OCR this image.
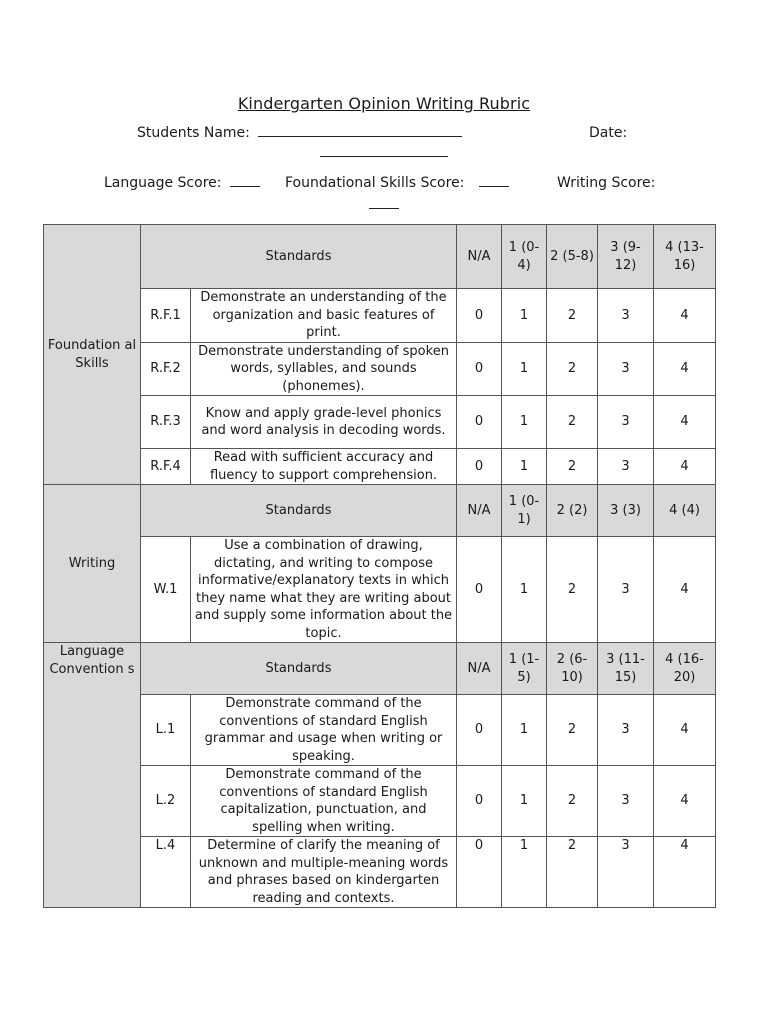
Kindergarten Opinion Writing Rubric
Students Name:	Date:
Language Score:	Foundational Skills Score:	Writing Score:
Foundation al Skills	Standards		N/A	1 (0-4)	2 (5-8)	3 (9-12)	4 (13-16)
	R.F.1	Demonstrate an understanding of the organization and basic features of print.	0	1	2	3	4
	R.F.2	Demonstrate understanding of spoken words, syllables, and sounds (phonemes).	0	1	2	3	4
	R.F.3	Know and apply grade-level phonics and word analysis in decoding words.	0	1	2	3	4
	R.F.4	Read with sufficient accuracy and fluency to support comprehension.	0	1	2	3	4
Writing	Standards		N/A	1 (0-1)	2 (2)	3 (3)	4 (4)
	W.1	Use a combination of drawing, dictating, and writing to compose informative/explanatory texts in which they name what they are writing about and supply some information about the topic.	0	1	2	3	4
Language Convention s	Standards		N/A	1 (1-5)	2 (6-10)	3 (11-15)	4 (16-20)
	L.1	Demonstrate command of the conventions of standard English grammar and usage when writing or speaking.	0	1	2	3	4
	L.2	Demonstrate command of the conventions of standard English capitalization, punctuation, and spelling when writing.	0	1	2	3	4
	L.4	Determine of clarify the meaning of unknown and multiple-meaning words and phrases based on kindergarten reading and contexts.	0	1	2	3	4
